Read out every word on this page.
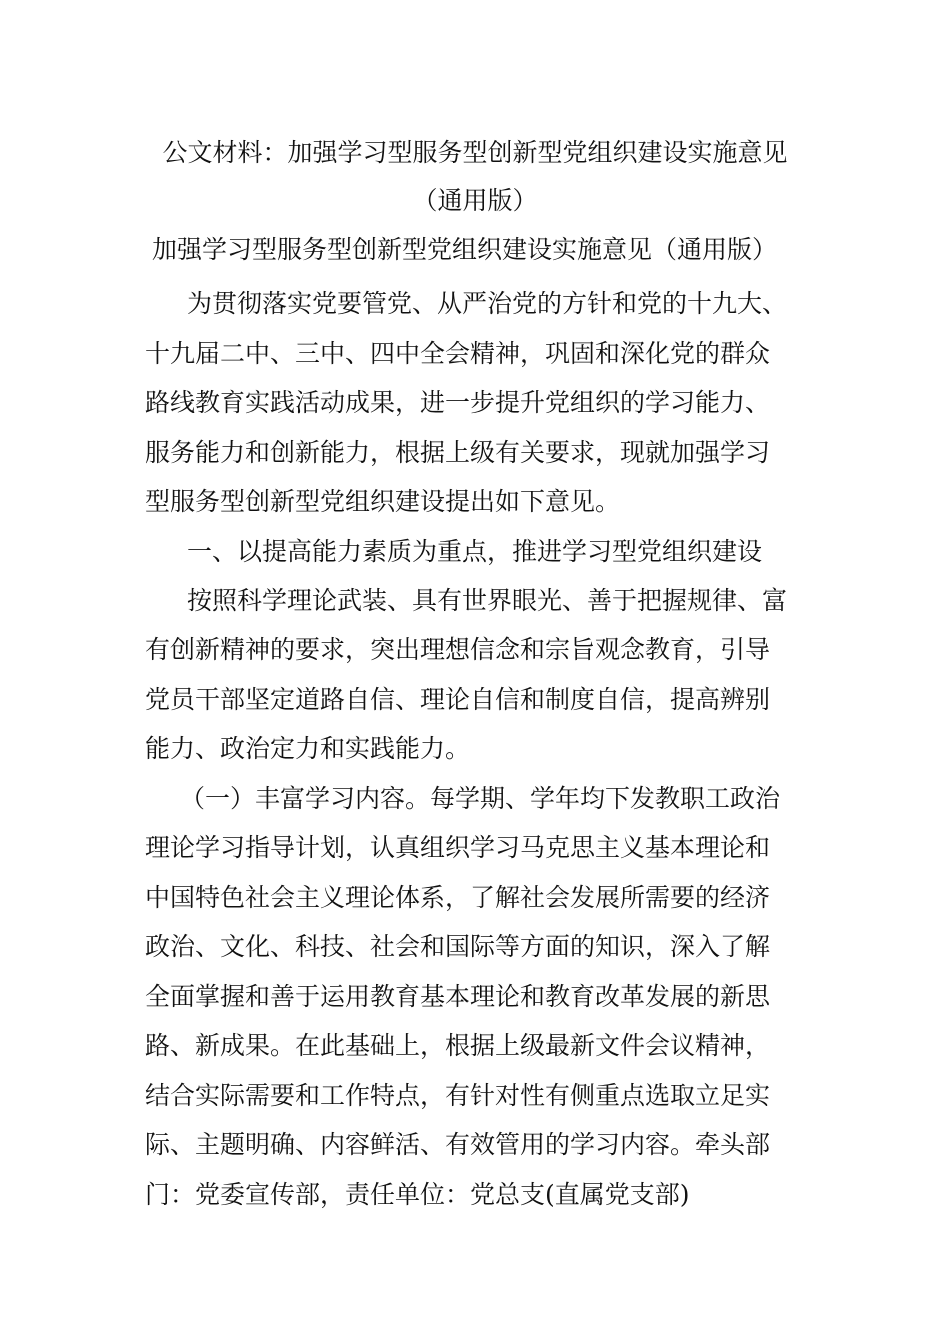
公文材料：加强学习型服务型创新型党组织建设实施意见
（通用版）
加强学习型服务型创新型党组织建设实施意见（通用版）
为贯彻落实党要管党、从严治党的方针和党的十九大、
十九届二中、三中、四中全会精神，巩固和深化党的群众
路线教育实践活动成果，进一步提升党组织的学习能力、
服务能力和创新能力，根据上级有关要求，现就加强学习
型服务型创新型党组织建设提出如下意见。
一、以提高能力素质为重点，推进学习型党组织建设
按照科学理论武装、具有世界眼光、善于把握规律、富
有创新精神的要求，突出理想信念和宗旨观念教育，引导
党员干部坚定道路自信、理论自信和制度自信，提高辨别
能力、政治定力和实践能力。
（一）丰富学习内容。每学期、学年均下发教职工政治
理论学习指导计划，认真组织学习马克思主义基本理论和
中国特色社会主义理论体系，了解社会发展所需要的经济
政治、文化、科技、社会和国际等方面的知识，深入了解
全面掌握和善于运用教育基本理论和教育改革发展的新思
路、新成果。在此基础上，根据上级最新文件会议精神，
结合实际需要和工作特点，有针对性有侧重点选取立足实
际、主题明确、内容鲜活、有效管用的学习内容。牵头部
门：党委宣传部，责任单位：党总支(直属党支部)
